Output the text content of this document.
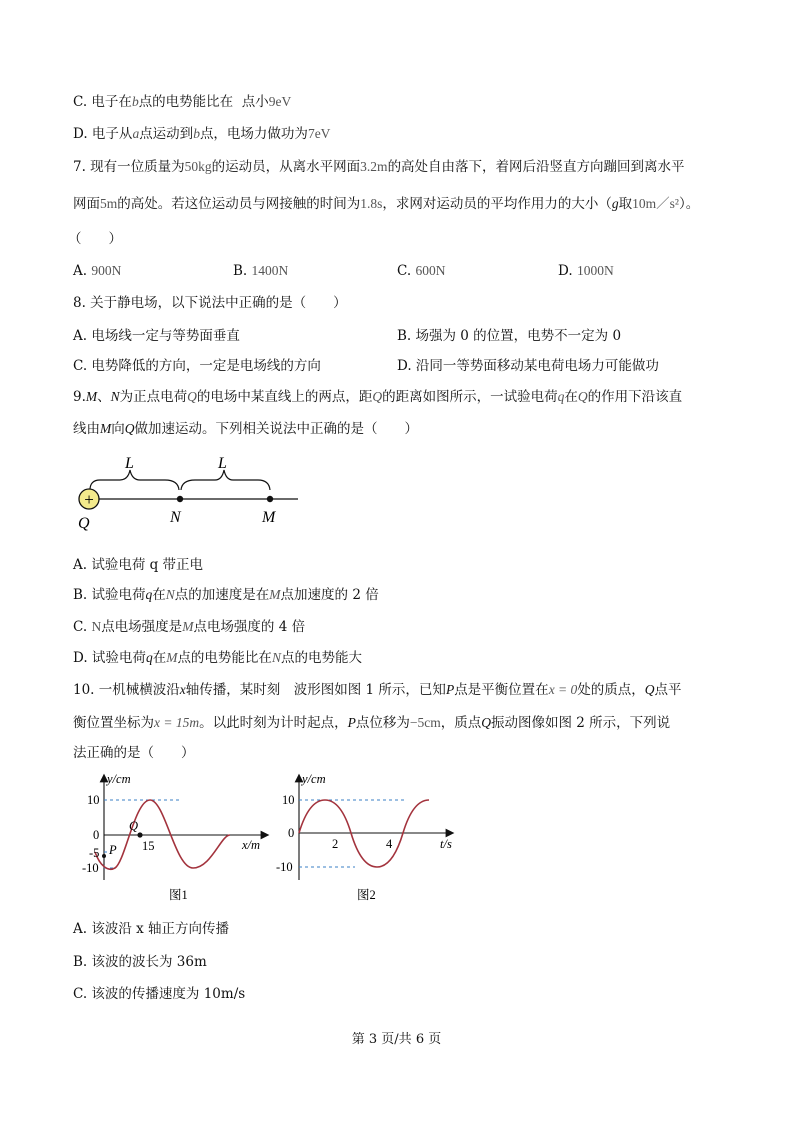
C. 电子在b点的电势能比在 点小9eV
D. 电子从a点运动到b点，电场力做功为7eV
7. 现有一位质量为50kg的运动员，从离水平网面3.2m的高处自由落下，着网后沿竖直方向蹦回到离水平
网面5m的高处。若这位运动员与网接触的时间为1.8s，求网对运动员的平均作用力的大小（g取10m／s²）。
（　　）
A. 900N	B. 1400N	C. 600N	D. 1000N
8. 关于静电场，以下说法中正确的是（　　）
A. 电场线一定与等势面垂直	B. 场强为 0 的位置，电势不一定为 0
C. 电势降低的方向，一定是电场线的方向	D. 沿同一等势面移动某电荷电场力可能做功
9.M、N为正点电荷Q的电场中某直线上的两点，距Q的距离如图所示，一试验电荷q在Q的作用下沿该直
线由M向Q做加速运动。下列相关说法中正确的是（　　）
L	L
+
Q	N	M
A. 试验电荷 q 带正电
B. 试验电荷q在N点的加速度是在M点加速度的 2 倍
C. N点电场强度是M点电场强度的 4 倍
D. 试验电荷q在M点的电势能比在N点的电势能大
10. 一机械横波沿x轴传播，某时刻　波形图如图 1 所示，已知P点是平衡位置在x = 0处的质点，Q点平
衡位置坐标为x = 15m。以此时刻为计时起点，P点位移为−5cm，质点Q振动图像如图 2 所示，下列说
法正确的是（　　）
y/cm
x/m
10
0
-5
-10
15
P
Q
图1
y/cm
t/s
10
0
2	4
-10
图2
A. 该波沿 x 轴正方向传播
B. 该波的波长为 36m
C. 该波的传播速度为 10m/s
第 3 页/共 6 页
